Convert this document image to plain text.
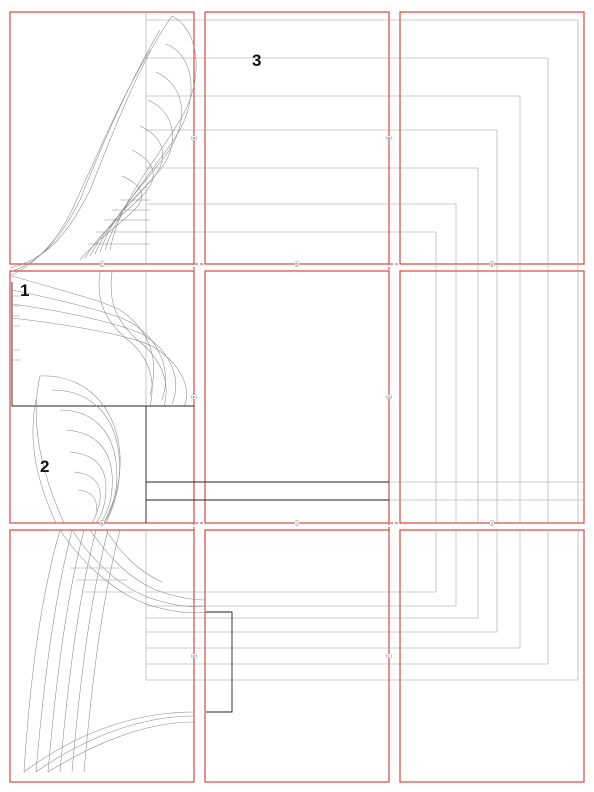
A	B
C	D	E
F	G
H	I	J
K	L
1
2
3
